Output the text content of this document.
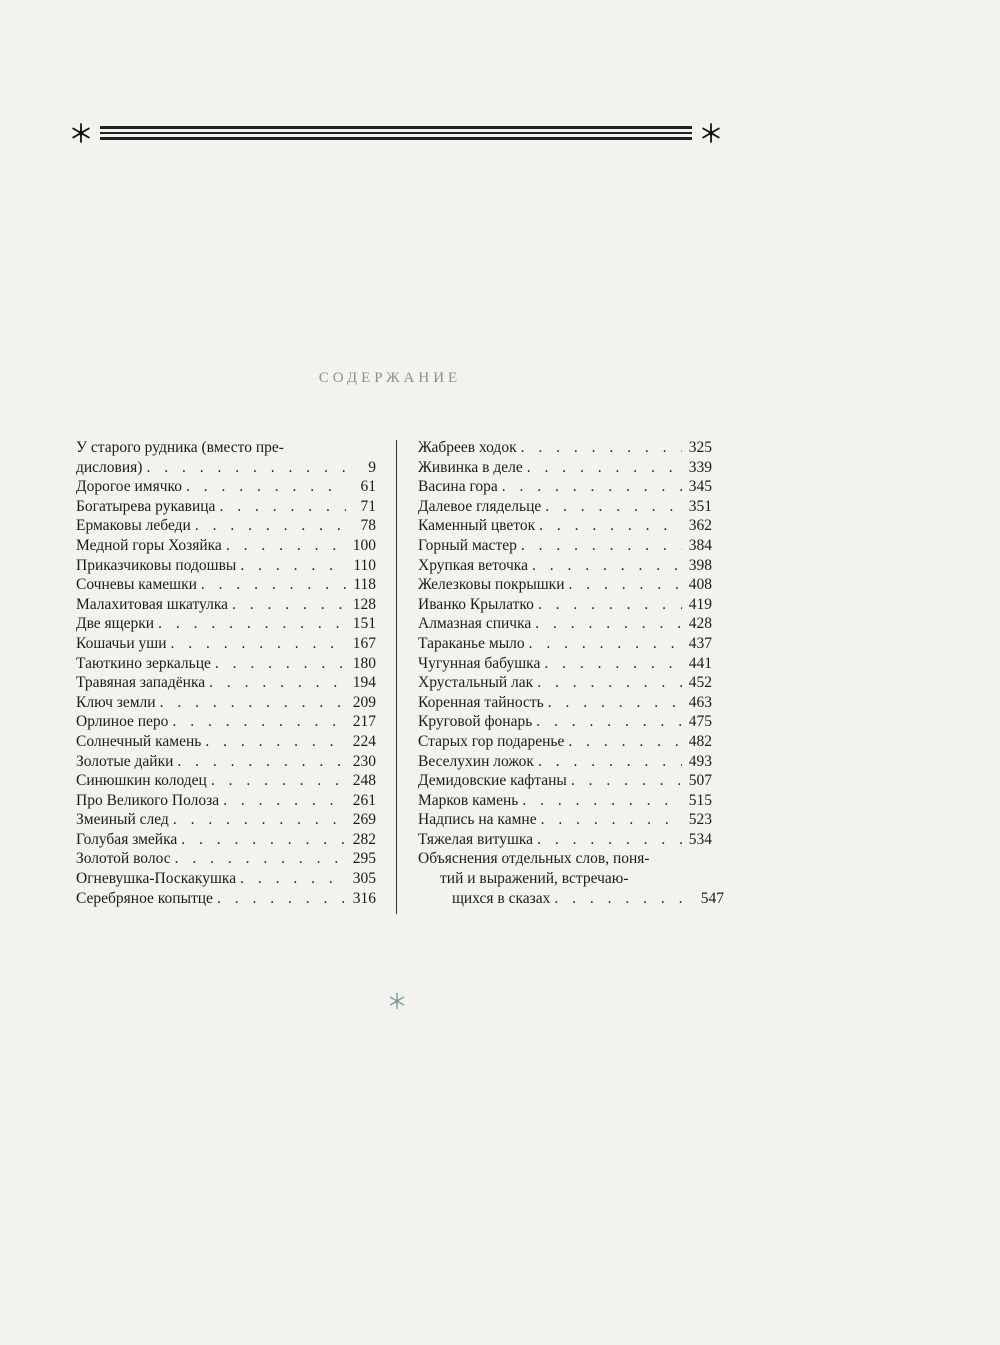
СОДЕРЖАНИЕ
У старого рудника (вместо пре-
дисловия) . . .	9
Дорогое имячко . . .	61
Богатырева рукавица . . .	71
Ермаковы лебеди . . .	78
Медной горы Хозяйка . . .	100
Приказчиковы подошвы . . .	110
Сочневы камешки . . .	118
Малахитовая шкатулка . . .	128
Две ящерки . . .	151
Кошачьи уши . . .	167
Таюткино зеркальце . . .	180
Травяная западёнка . . .	194
Ключ земли . . .	209
Орлиное перо . . .	217
Солнечный камень . . .	224
Золотые дайки . . .	230
Синюшкин колодец . . .	248
Про Великого Полоза . . .	261
Змеиный след . . .	269
Голубая змейка . . .	282
Золотой волос . . .	295
Огневушка-Поскакушка . . .	305
Серебряное копытце . . .	316
Жабреев ходок . . .	325
Живинка в деле . . .	339
Васина гора . . .	345
Далевое глядельце . . .	351
Каменный цветок . . .	362
Горный мастер . . .	384
Хрупкая веточка . . .	398
Железковы покрышки . . .	408
Иванко Крылатко . . .	419
Алмазная спичка . . .	428
Тараканье мыло . . .	437
Чугунная бабушка . . .	441
Хрустальный лак . . .	452
Коренная тайность . . .	463
Круговой фонарь . . .	475
Старых гор подаренье . . .	482
Веселухин ложок . . .	493
Демидовские кафтаны . . .	507
Марков камень . . .	515
Надпись на камне . . .	523
Тяжелая витушка . . .	534
Объяснения отдельных слов, поня-
тий и выражений, встречаю-
щихся в сказах . . .	547
